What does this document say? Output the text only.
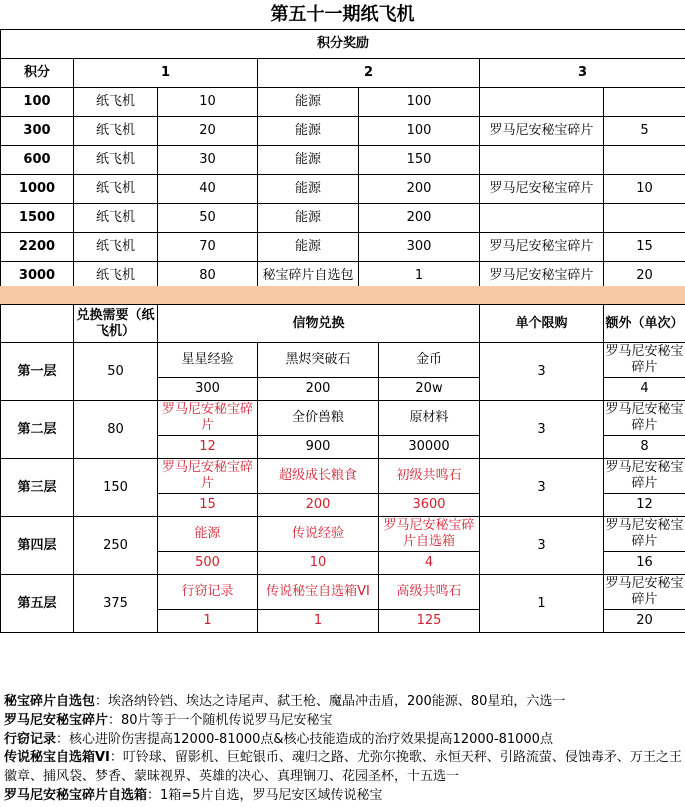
第五十一期纸飞机
积分奖励						
积分	1		2		3	
100	纸飞机	10	能源	100		
300	纸飞机	20	能源	100	罗马尼安秘宝碎片	5
600	纸飞机	30	能源	150		
1000	纸飞机	40	能源	200	罗马尼安秘宝碎片	10
1500	纸飞机	50	能源	200		
2200	纸飞机	70	能源	300	罗马尼安秘宝碎片	15
3000	纸飞机	80	秘宝碎片自选包	1	罗马尼安秘宝碎片	20
	兑换需要（纸飞机）	信物兑换			单个限购	额外（单次）
第一层	50	星星经验	黑烬突破石	金币	3	罗马尼安秘宝碎片
		300	200	20w		4
第二层	80	罗马尼安秘宝碎片	全价兽粮	原材料	3	罗马尼安秘宝碎片
		12	900	30000		8
第三层	150	罗马尼安秘宝碎片	超级成长粮食	初级共鸣石	3	罗马尼安秘宝碎片
		15	200	3600		12
第四层	250	能源	传说经验	罗马尼安秘宝碎片自选箱	3	罗马尼安秘宝碎片
		500	10	4		16
第五层	375	行窃记录	传说秘宝自选箱VI	高级共鸣石	1	罗马尼安秘宝碎片
		1	1	125		20
秘宝碎片自选包：埃洛纳铃铛、埃达之诗尾声、弑王枪、魔晶冲击盾，200能源、80星珀，六选一
罗马尼安秘宝碎片：80片等于一个随机传说罗马尼安秘宝
行窃记录：核心进阶伤害提高12000-81000点&核心技能造成的治疗效果提高12000-81000点
传说秘宝自选箱VI：叮铃球、留影机、巨蛇银币、魂归之路、尤弥尔挽歌、永恒天秤、引路流萤、侵蚀毒矛、万王之王徽章、捕风袋、梦香、蒙昧视界、英雄的决心、真理锎刀、花园圣杯，十五选一
罗马尼安秘宝碎片自选箱：1箱=5片自选，罗马尼安区域传说秘宝
